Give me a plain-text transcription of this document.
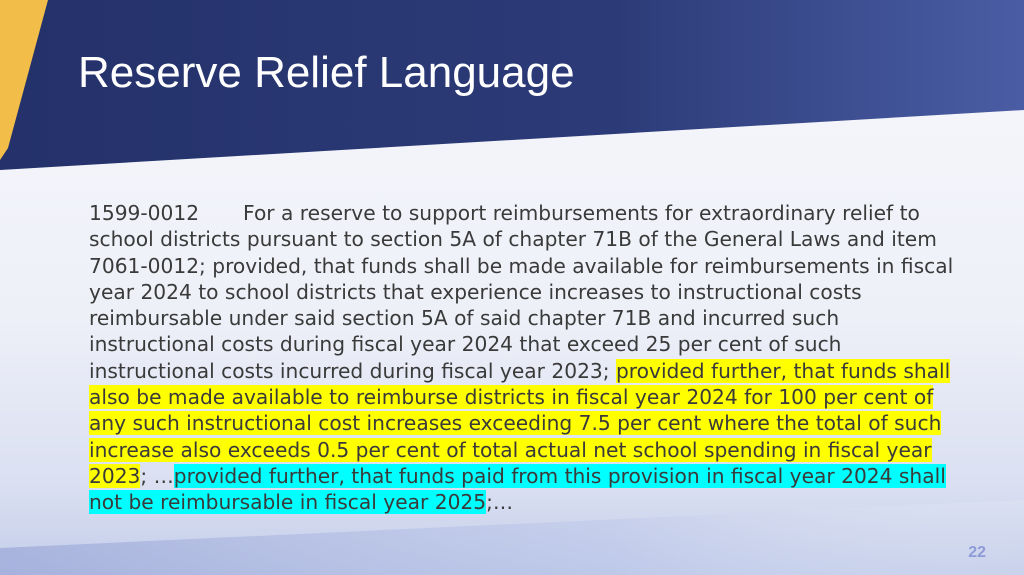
Reserve Relief Language

1599-0012 For a reserve to support reimbursements for extraordinary relief to school districts pursuant to section 5A of chapter 71B of the General Laws and item 7061-0012; provided, that funds shall be made available for reimbursements in fiscal year 2024 to school districts that experience increases to instructional costs reimbursable under said section 5A of said chapter 71B and incurred such instructional costs during fiscal year 2024 that exceed 25 per cent of such instructional costs incurred during fiscal year 2023; provided further, that funds shall also be made available to reimburse districts in fiscal year 2024 for 100 per cent of any such instructional cost increases exceeding 7.5 per cent where the total of such increase also exceeds 0.5 per cent of total actual net school spending in fiscal year 2023; …provided further, that funds paid from this provision in fiscal year 2024 shall not be reimbursable in fiscal year 2025;…

22
